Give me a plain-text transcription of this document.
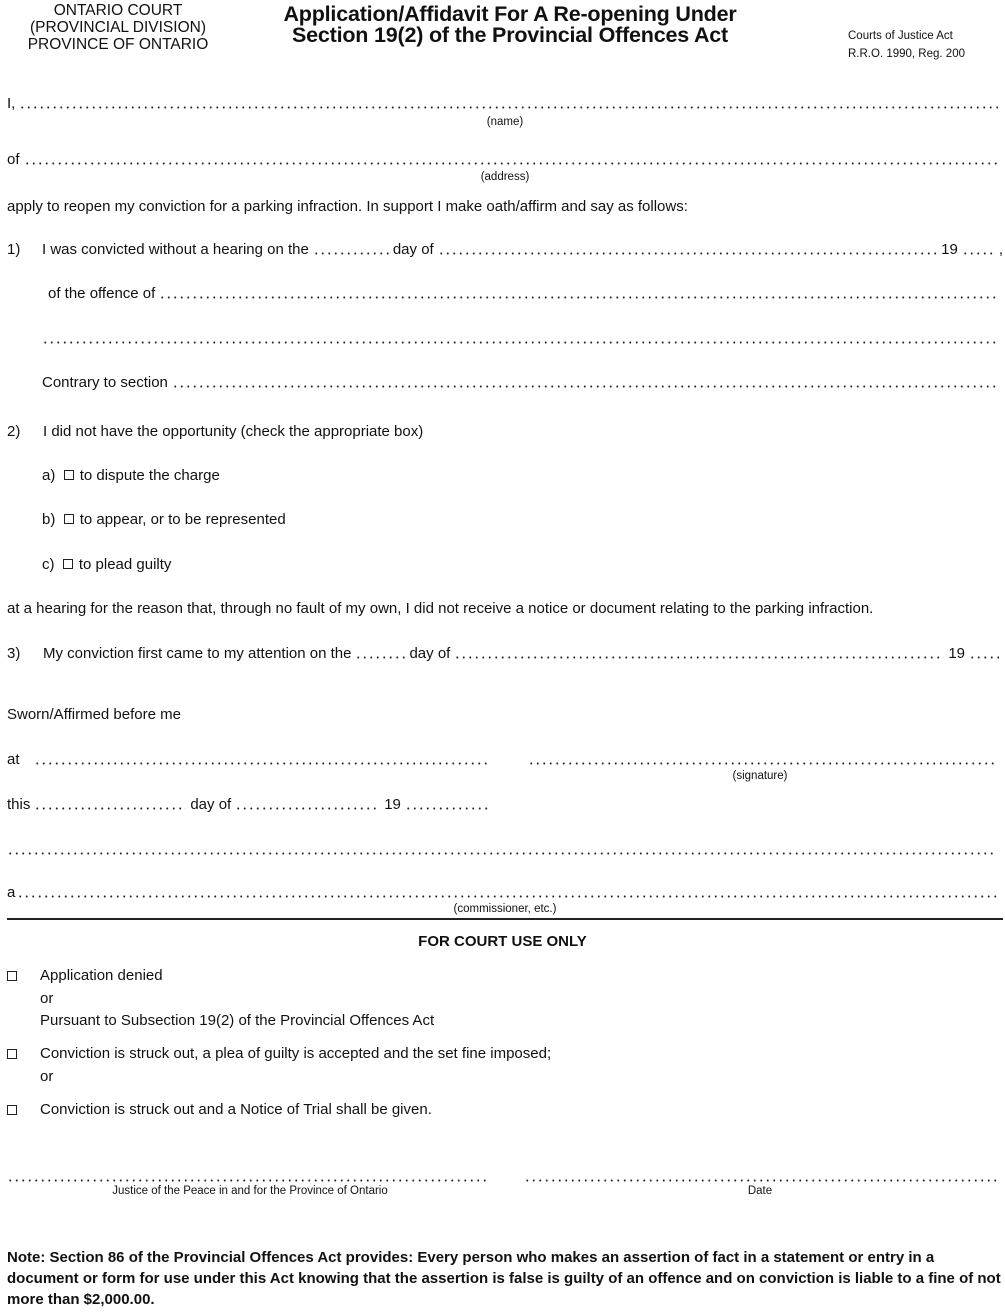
ONTARIO COURT
(PROVINCIAL DIVISION)
PROVINCE OF ONTARIO
Application/Affidavit For A Re-opening Under
Section 19(2) of the Provincial Offences Act	Courts of Justice Act
R.R.O. 1990, Reg. 200
I,
(name)
of
(address)
apply to reopen my conviction for a parking infraction. In support I make oath/affirm and say as follows:
1) I was convicted without a hearing on the	day of	19	,
of the offence of
Contrary to section
2) I did not have the opportunity (check the appropriate box)
a) to dispute the charge
b) to appear, or to be represented
c) to plead guilty
at a hearing for the reason that, through no fault of my own, I did not receive a notice or document relating to the parking infraction.
3) My conviction first came to my attention on the	day of	19
Sworn/Affirmed before me
at
(signature)
this	day of	19
a
(commissioner, etc.)
FOR COURT USE ONLY
Application denied
or
Pursuant to Subsection 19(2) of the Provincial Offences Act
Conviction is struck out, a plea of guilty is accepted and the set fine imposed;
or
Conviction is struck out and a Notice of Trial shall be given.
Justice of the Peace in and for the Province of Ontario	Date
Note: Section 86 of the Provincial Offences Act provides: Every person who makes an assertion of fact in a statement or entry in a document or form for use under this Act knowing that the assertion is false is guilty of an offence and on conviction is liable to a fine of not more than $2,000.00.
